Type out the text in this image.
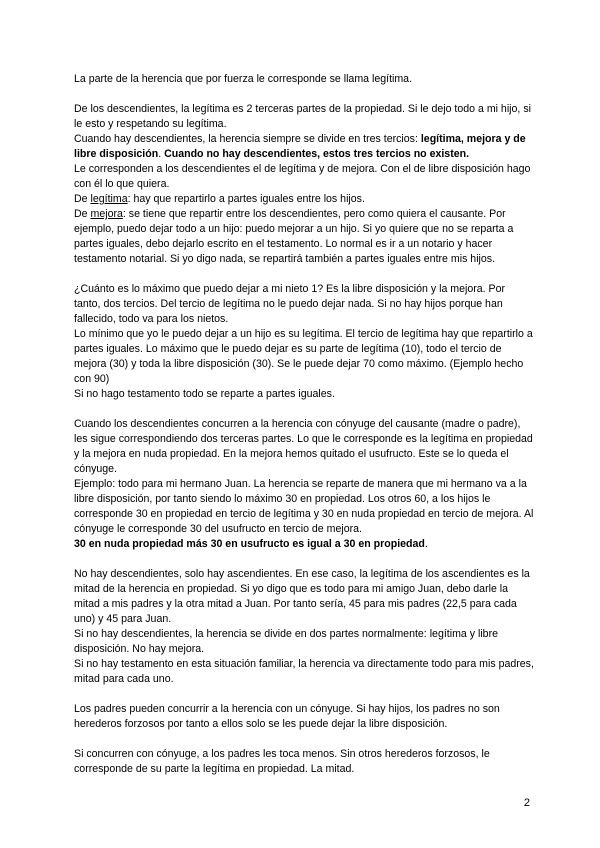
La parte de la herencia que por fuerza le corresponde se llama legítima.

De los descendientes, la legítima es 2 terceras partes de la propiedad. Si le dejo todo a mi hijo, si le esto y respetando su legítima.

Cuando hay descendientes, la herencia siempre se divide en tres tercios: legítima, mejora y de libre disposición. Cuando no hay descendientes, estos tres tercios no existen.

Le corresponden a los descendientes el de legítima y de mejora. Con el de libre disposición hago con él lo que quiera.

De legítima: hay que repartirlo a partes iguales entre los hijos.

De mejora: se tiene que repartir entre los descendientes, pero como quiera el causante. Por ejemplo, puedo dejar todo a un hijo: puedo mejorar a un hijo. Si yo quiere que no se reparta a partes iguales, debo dejarlo escrito en el testamento. Lo normal es ir a un notario y hacer testamento notarial. Si yo digo nada, se repartirá también a partes iguales entre mis hijos.

¿Cuánto es lo máximo que puedo dejar a mi nieto 1? Es la libre disposición y la mejora. Por tanto, dos tercios. Del tercio de legítima no le puedo dejar nada. Si no hay hijos porque han fallecido, todo va para los nietos.

Lo mínimo que yo le puedo dejar a un hijo es su legítima. El tercio de legítima hay que repartirlo a partes iguales. Lo máximo que le puedo dejar es su parte de legítima (10), todo el tercio de mejora (30) y toda la libre disposición (30). Se le puede dejar 70 como máximo. (Ejemplo hecho con 90)

Si no hago testamento todo se reparte a partes iguales.

Cuando los descendientes concurren a la herencia con cónyuge del causante (madre o padre), les sigue correspondiendo dos terceras partes. Lo que le corresponde es la legítima en propiedad y la mejora en nuda propiedad. En la mejora hemos quitado el usufructo. Este se lo queda el cónyuge.

Ejemplo: todo para mi hermano Juan. La herencia se reparte de manera que mi hermano va a la libre disposición, por tanto siendo lo máximo 30 en propiedad. Los otros 60, a los hijos le corresponde 30 en propiedad en tercio de legítima y 30 en nuda propiedad en tercio de mejora. Al cónyuge le corresponde 30 del usufructo en tercio de mejora.

30 en nuda propiedad más 30 en usufructo es igual a 30 en propiedad.

No hay descendientes, solo hay ascendientes. En ese caso, la legítima de los ascendientes es la mitad de la herencia en propiedad. Si yo digo que es todo para mi amigo Juan, debo darle la mitad a mis padres y la otra mitad a Juan. Por tanto sería, 45 para mis padres (22,5 para cada uno) y 45 para Juan.

Si no hay descendientes, la herencia se divide en dos partes normalmente: legítima y libre disposición. No hay mejora.

Si no hay testamento en esta situación familiar, la herencia va directamente todo para mis padres, mitad para cada uno.

Los padres pueden concurrir a la herencia con un cónyuge. Si hay hijos, los padres no son herederos forzosos por tanto a ellos solo se les puede dejar la libre disposición.

Si concurren con cónyuge, a los padres les toca menos. Sin otros herederos forzosos, le corresponde de su parte la legítima en propiedad. La mitad.

2
